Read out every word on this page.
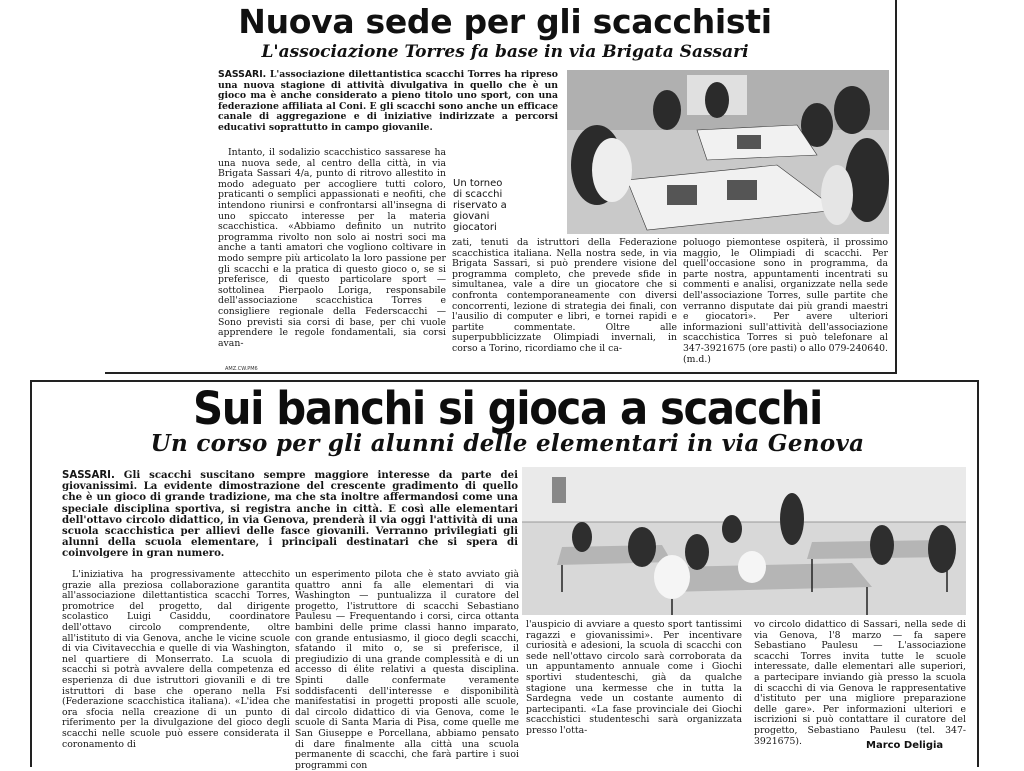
Nuova sede per gli scacchisti
L'associazione Torres fa base in via Brigata Sassari

SASSARI. L'associazione dilettantistica scacchi Torres ha ripreso una nuova stagione di attività divulgativa in quello che è un gioco ma è anche considerato a pieno titolo uno sport, con una federazione affiliata al Coni. E gli scacchi sono anche un efficace canale di aggregazione e di iniziative indirizzate a percorsi educativi soprattutto in campo giovanile.

Intanto, il sodalizio scacchistico sassarese ha una nuova sede, al centro della città, in via Brigata Sassari 4/a, punto di ritrovo allestito in modo adeguato per accogliere tutti coloro, praticanti o semplici appassionati e neofiti, che intendono riunirsi e confrontarsi all'insegna di uno spiccato interesse per la materia scacchistica. «Abbiamo definito un nutrito programma rivolto non solo ai nostri soci ma anche a tanti amatori che vogliono coltivare in modo sempre più articolato la loro passione per gli scacchi e la pratica di questo gioco o, se si preferisce, di questo particolare sport — sottolinea Pierpaolo Loriga, responsabile dell'associazione scacchistica Torres e consigliere regionale della Federscacchi — Sono previsti sia corsi di base, per chi vuole apprendere le regole fondamentali, sia corsi avan-

Un torneo di scacchi riservato a giovani giocatori

zati, tenuti da istruttori della Federazione scacchistica italiana. Nella nostra sede, in via Brigata Sassari, si può prendere visione del programma completo, che prevede sfide in simultanea, vale a dire un giocatore che si confronta contemporaneamente con diversi concorrenti, lezione di strategia dei finali, con l'ausilio di computer e libri, e tornei rapidi e partite commentate. Oltre alle superpubblicizzate Olimpiadi invernali, in corso a Torino, ricordiamo che il ca-

poluogo piemontese ospiterà, il prossimo maggio, le Olimpiadi di scacchi. Per quell'occasione sono in programma, da parte nostra, appuntamenti incentrati su commenti e analisi, organizzate nella sede dell'associazione Torres, sulle partite che verranno disputate dai più grandi maestri e giocatori». Per avere ulteriori informazioni sull'attività dell'associazione scacchistica Torres si può telefonare al 347-3921675 (ore pasti) o allo 079-240640. (m.d.)

AMZ.CW.PM6
Sui banchi si gioca a scacchi
Un corso per gli alunni delle elementari in via Genova

SASSARI. Gli scacchi suscitano sempre maggiore interesse da parte dei giovanissimi. La evidente dimostrazione del crescente gradimento di quello che è un gioco di grande tradizione, ma che sta inoltre affermandosi come una speciale disciplina sportiva, si registra anche in città. E così alle elementari dell'ottavo circolo didattico, in via Genova, prenderà il via oggi l'attività di una scuola scacchistica per allievi delle fasce giovanili. Verranno privilegiati gli alunni della scuola elementare, i principali destinatari che si spera di coinvolgere in gran numero.

L'iniziativa ha progressivamente attecchito grazie alla preziosa collaborazione garantita all'associazione dilettantistica scacchi Torres, promotrice del progetto, dal dirigente scolastico Luigi Casiddu, coordinatore dell'ottavo circolo comprendente, oltre all'istituto di via Genova, anche le vicine scuole di via Civitavecchia e quelle di via Washington, nel quartiere di Monserrato. La scuola di scacchi si potrà avvalere della competenza ed esperienza di due istruttori giovanili e di tre istruttori di base che operano nella Fsi (Federazione scacchistica italiana). «L'idea che ora sfocia nella creazione di un punto di riferimento per la divulgazione del gioco degli scacchi nelle scuole può essere considerata il coronamento di

un esperimento pilota che è stato avviato già quattro anni fa alle elementari di via Washington — puntualizza il curatore del progetto, l'istruttore di scacchi Sebastiano Paulesu — Frequentando i corsi, circa ottanta bambini delle prime classi hanno imparato, con grande entusiasmo, il gioco degli scacchi, sfatando il mito o, se si preferisce, il pregiudizio di una grande complessità e di un accesso di élite relativi a questa disciplina. Spinti dalle confermate veramente soddisfacenti dell'interesse e disponibilità manifestatisi in progetti proposti alle scuole, dal circolo didattico di via Genova, come le scuole di Santa Maria di Pisa, come quelle me San Giuseppe e Porcellana, abbiamo pensato di dare finalmente alla città una scuola permanente di scacchi, che farà partire i suoi programmi con

l'auspicio di avviare a questo sport tantissimi ragazzi e giovanissimi». Per incentivare curiosità e adesioni, la scuola di scacchi con sede nell'ottavo circolo sarà corroborata da un appuntamento annuale come i Giochi sportivi studenteschi, già da qualche stagione una kermesse che in tutta la Sardegna vede un costante aumento di partecipanti. «La fase provinciale dei Giochi scacchistici studenteschi sarà organizzata presso l'otta-

vo circolo didattico di Sassari, nella sede di via Genova, l'8 marzo — fa sapere Sebastiano Paulesu — L'associazione scacchi Torres invita tutte le scuole interessate, dalle elementari alle superiori, a partecipare inviando già presso la scuola di scacchi di via Genova le rappresentative d'istituto per una migliore preparazione delle gare». Per informazioni ulteriori e iscrizioni si può contattare il curatore del progetto, Sebastiano Paulesu (tel. 347-3921675).	Marco Deligia
